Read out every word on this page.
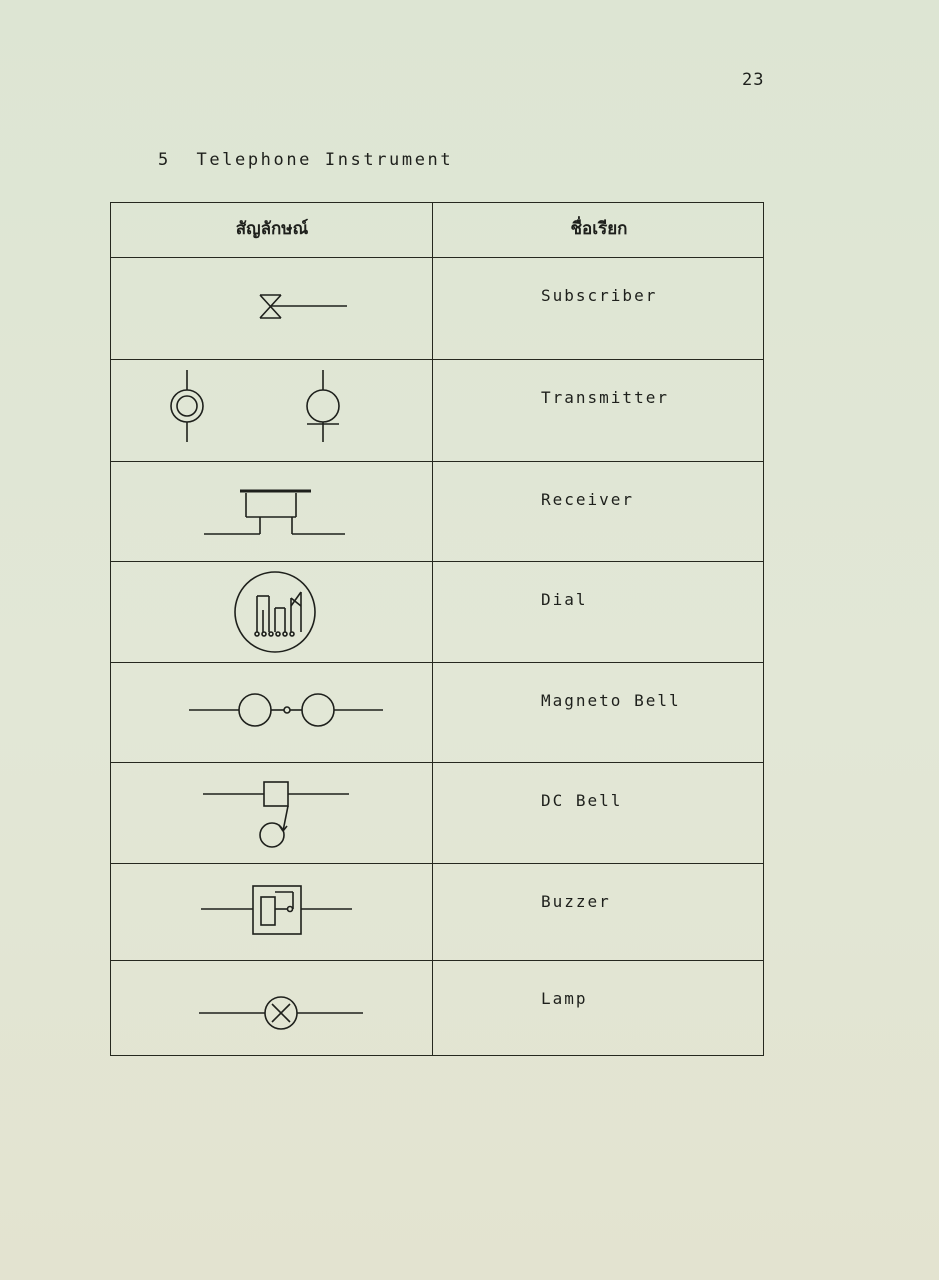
23
5  Telephone Instrument
สัญลักษณ์	ชื่อเรียก
Subscriber
Transmitter
Receiver
Dial
Magneto Bell
DC Bell
Buzzer
Lamp
